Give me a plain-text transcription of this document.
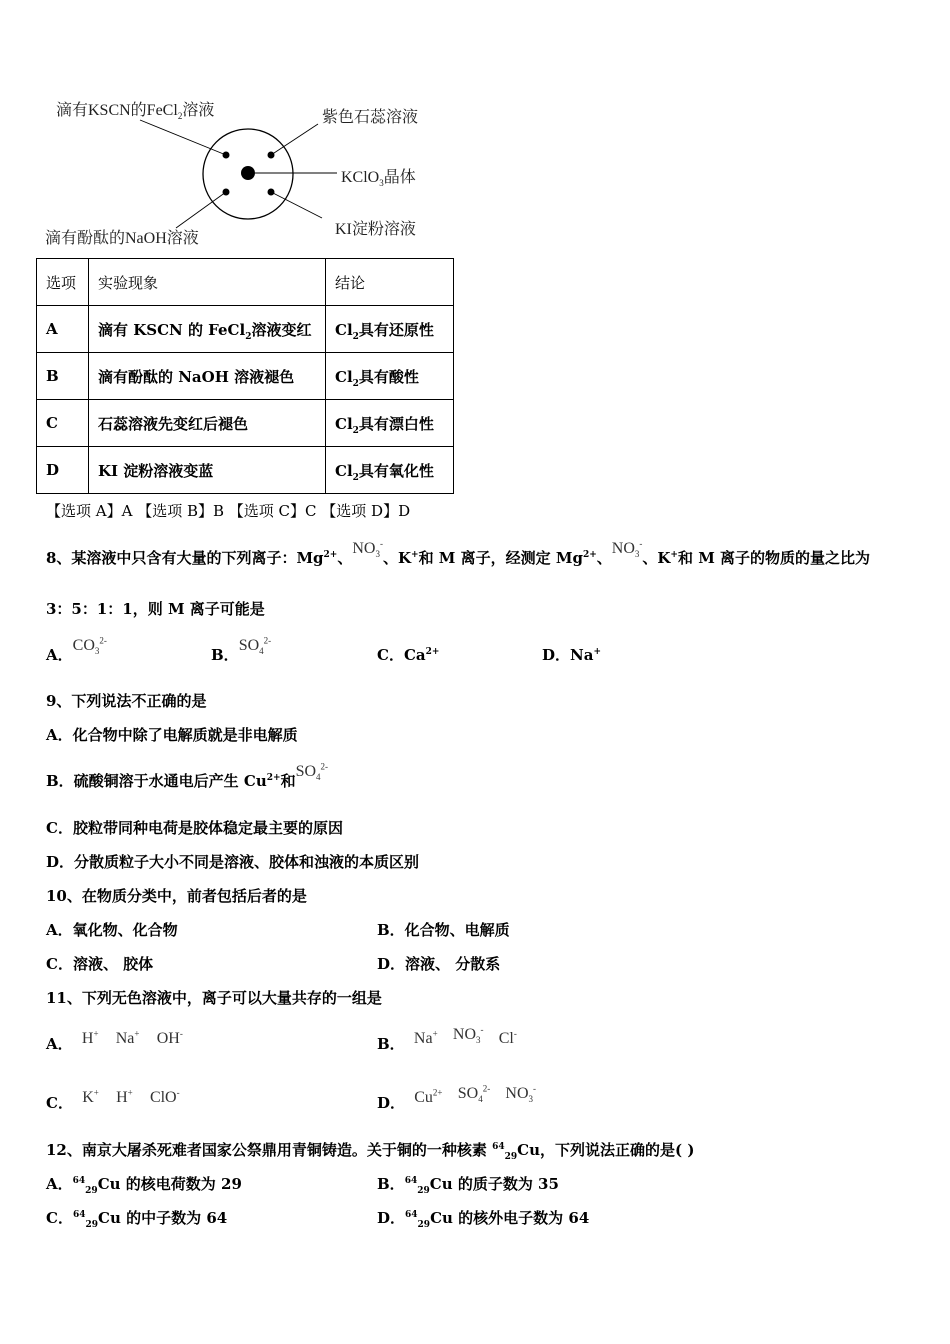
滴有KSCN的FeCl$_2$溶液	紫色石蕊溶液
KClO$_3$晶体
滴有酚酞的NaOH溶液
KI淀粉溶液
选项	实验现象	结论
A	滴有 KSCN 的 FeCl$_2$溶液变红	$Cl_2$具有还原性
B	滴有酚酞的 NaOH 溶液褪色	$Cl_2$具有酸性
C	石蕊溶液先变红后褪色	$Cl_2$具有漂白性
D	KI 淀粉溶液变蓝	$Cl_2$具有氧化性
【选项 A】A 【选项 B】B 【选项 C】C 【选项 D】D
8、某溶液中只含有大量的下列离子：$Mg^{2+}$、$NO_3^-$、K+和 M 离子，经测定 $Mg^{2+}$、$NO_3^-$、K+和 M 离子的物质的量之比为
3：5：1：1，则 M 离子可能是
A．$CO_3^{2-}$
B．$SO_4^{2-}$
C．$Ca^{2+}$	D．Na+
9、下列说法不正确的是
A．化合物中除了电解质就是非电解质
B．硫酸铜溶于水通电后产生 $Cu^{2+}$和$SO_4^{2-}$
C．胶粒带同种电荷是胶体稳定最主要的原因
D．分散质粒子大小不同是溶液、胶体和浊液的本质区别
10、在物质分类中，前者包括后者的是
A．氧化物、化合物	B．化合物、电解质
C．溶液、 胶体	D．溶液、 分散系
11、下列无色溶液中，离子可以大量共存的一组是
A． H+ Na+ OH-
B． Na+ $NO_3^-$ Cl-
C． K+ H+ ClO-
D． $Cu^{2+}$ $SO_4^{2-}$ $NO_3^-$
12、南京大屠杀死难者国家公祭鼎用青铜铸造。关于铜的一种核素 $^{64}_{29}$Cu，下列说法正确的是( )
A．$^{64}_{29}$Cu 的核电荷数为 29	B．$^{64}_{29}$Cu 的质子数为 35
C．$^{64}_{29}$Cu 的中子数为 64	D．$^{64}_{29}$Cu 的核外电子数为 64
